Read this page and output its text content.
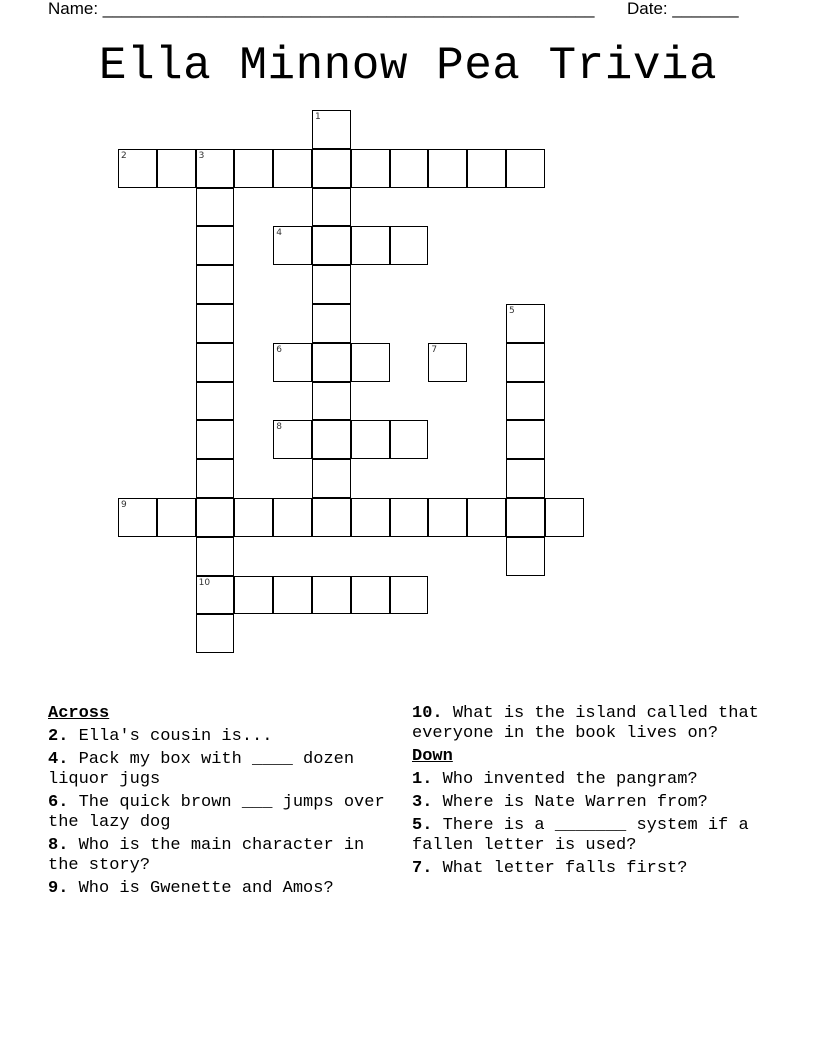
Name: ____________________________________________________ Date: _______
Ella Minnow Pea Trivia
2	3
4
6
8
9
10
1
5
7
Across
2. Ella's cousin is...
4. Pack my box with ____ dozen liquor jugs
6. The quick brown ___ jumps over the lazy dog
8. Who is the main character in the story?
9. Who is Gwenette and Amos?
10. What is the island called that everyone in the book lives on?
Down
1. Who invented the pangram?
3. Where is Nate Warren from?
5. There is a _______ system if a fallen letter is used?
7. What letter falls first?
